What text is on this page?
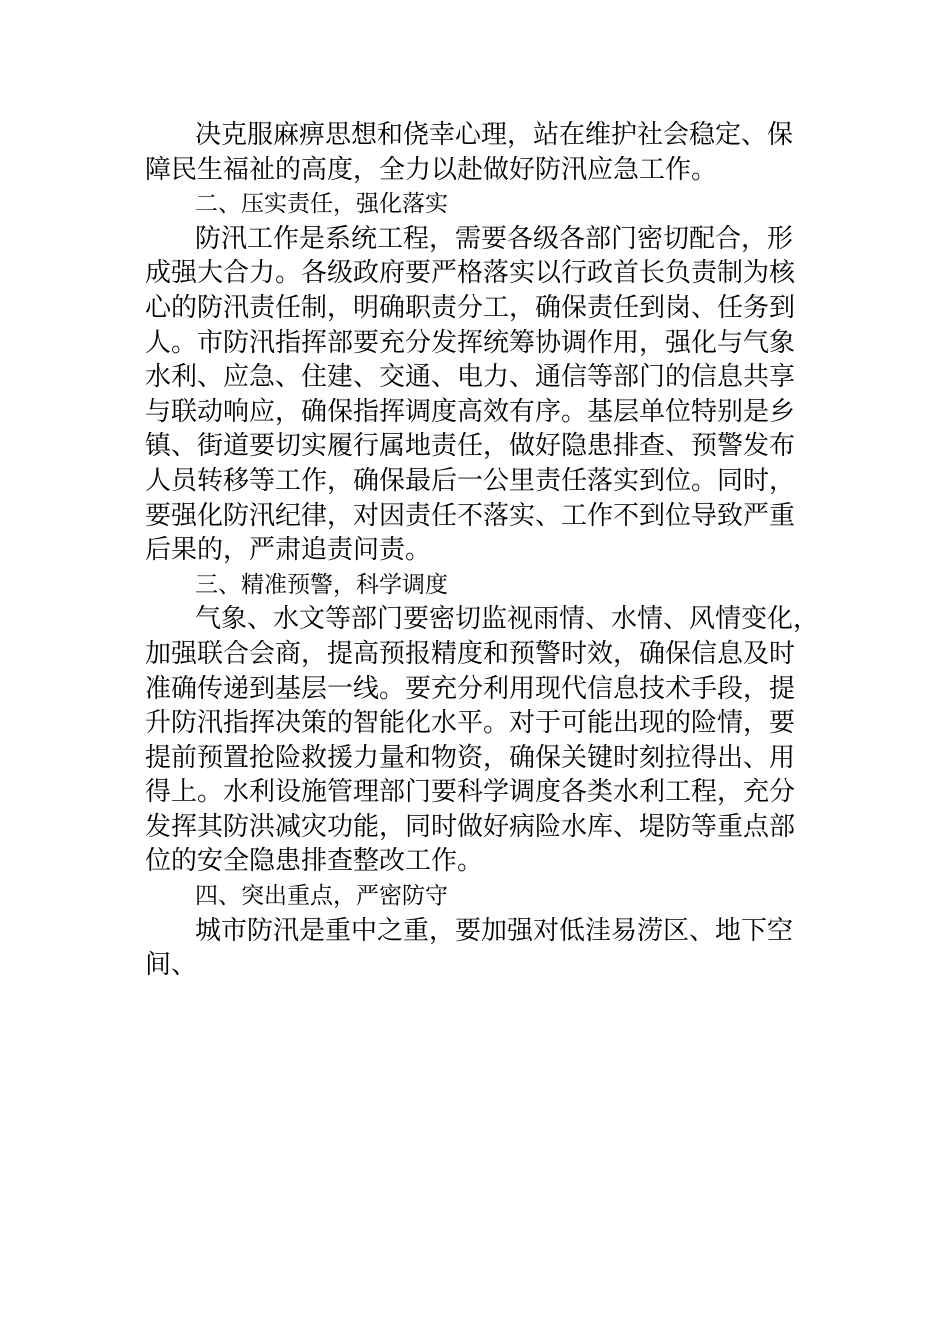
决克服麻痹思想和侥幸心理，站在维护社会稳定、保
障民生福祉的高度，全力以赴做好防汛应急工作。
二、压实责任，强化落实
防汛工作是系统工程，需要各级各部门密切配合，形
成强大合力。各级政府要严格落实以行政首长负责制为核
心的防汛责任制，明确职责分工，确保责任到岗、任务到
人。市防汛指挥部要充分发挥统筹协调作用，强化与气象
水利、应急、住建、交通、电力、通信等部门的信息共享
与联动响应，确保指挥调度高效有序。基层单位特别是乡
镇、街道要切实履行属地责任，做好隐患排查、预警发布
人员转移等工作，确保最后一公里责任落实到位。同时，
要强化防汛纪律，对因责任不落实、工作不到位导致严重
后果的，严肃追责问责。
三、精准预警，科学调度
气象、水文等部门要密切监视雨情、水情、风情变化，
加强联合会商，提高预报精度和预警时效，确保信息及时
准确传递到基层一线。要充分利用现代信息技术手段，提
升防汛指挥决策的智能化水平。对于可能出现的险情，要
提前预置抢险救援力量和物资，确保关键时刻拉得出、用
得上。水利设施管理部门要科学调度各类水利工程，充分
发挥其防洪减灾功能，同时做好病险水库、堤防等重点部
位的安全隐患排查整改工作。
四、突出重点，严密防守
城市防汛是重中之重，要加强对低洼易涝区、地下空
间、
